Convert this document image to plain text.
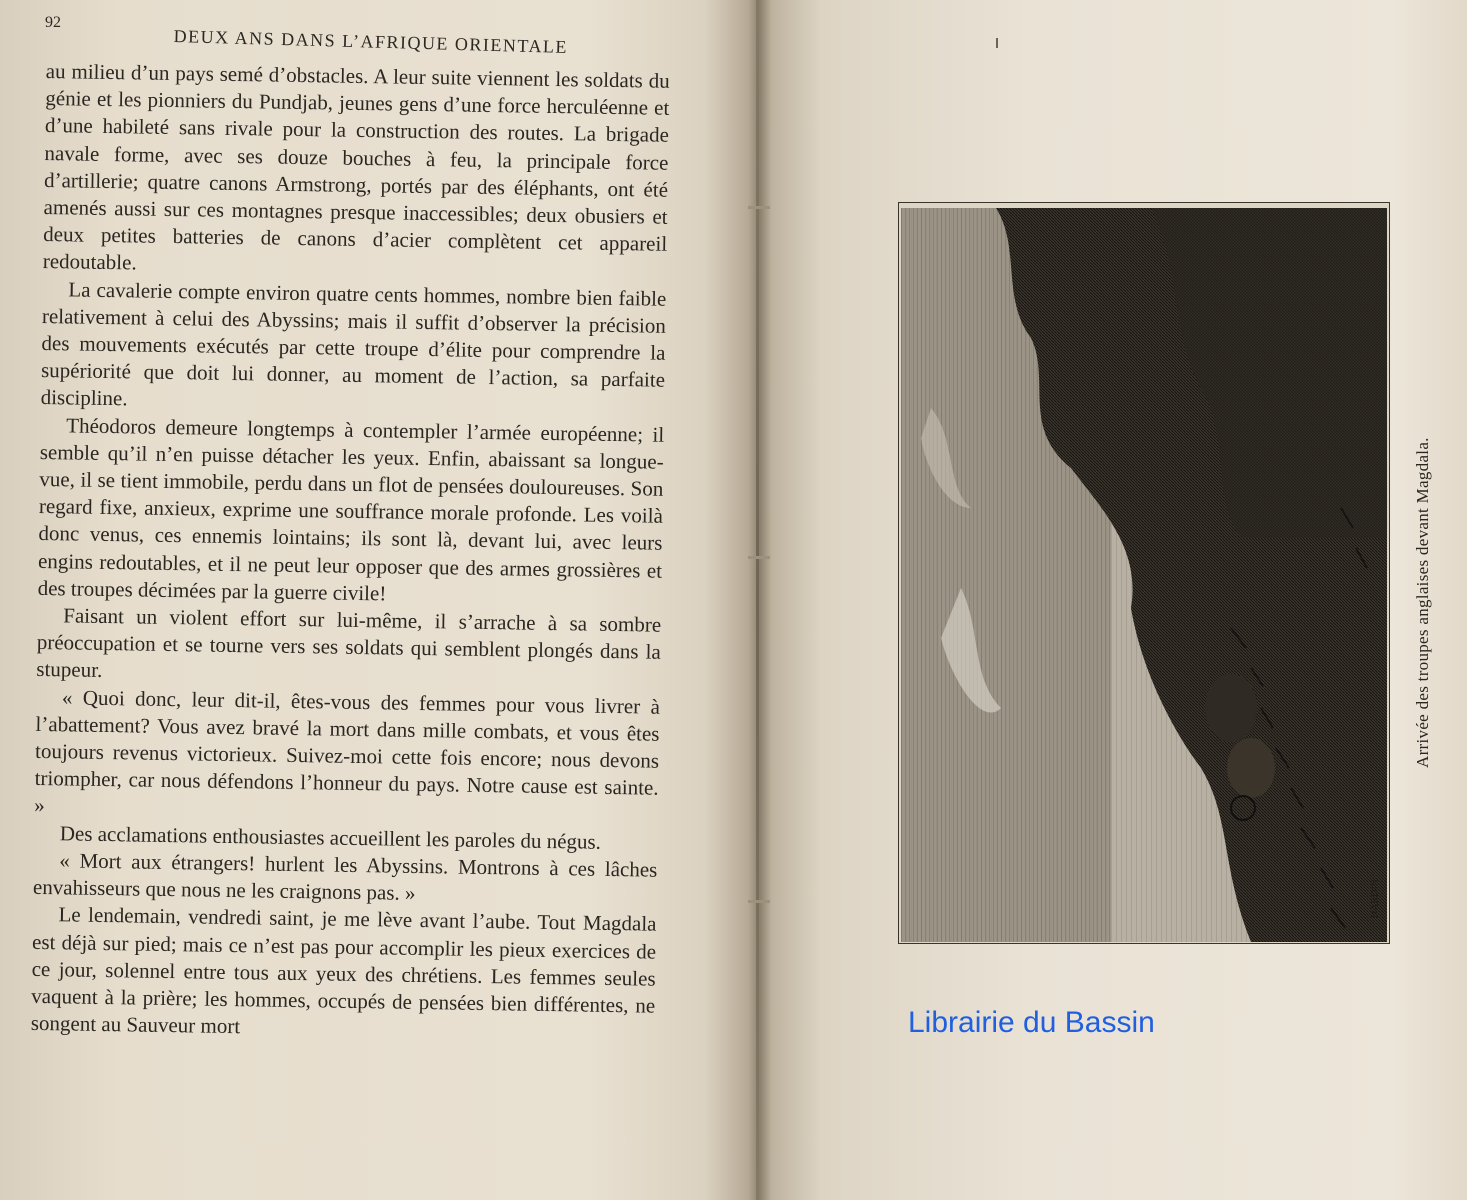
92
DEUX ANS DANS L’AFRIQUE ORIENTALE

au milieu d’un pays semé d’obstacles. A leur suite viennent les soldats du génie et les pionniers du Pundjab, jeunes gens d’une force herculéenne et d’une habileté sans rivale pour la construction des routes. La brigade navale forme, avec ses douze bouches à feu, la principale force d’artillerie; quatre canons Armstrong, portés par des éléphants, ont été amenés aussi sur ces montagnes presque inaccessibles; deux obusiers et deux petites batteries de canons d’acier complètent cet appareil redoutable.

La cavalerie compte environ quatre cents hommes, nombre bien faible relativement à celui des Abyssins; mais il suffit d’observer la précision des mouvements exécutés par cette troupe d’élite pour comprendre la supériorité que doit lui donner, au moment de l’action, sa parfaite discipline.

Théodoros demeure longtemps à contempler l’armée européenne; il semble qu’il n’en puisse détacher les yeux. Enfin, abaissant sa longue-vue, il se tient immobile, perdu dans un flot de pensées douloureuses. Son regard fixe, anxieux, exprime une souffrance morale profonde. Les voilà donc venus, ces ennemis lointains; ils sont là, devant lui, avec leurs engins redoutables, et il ne peut leur opposer que des armes grossières et des troupes décimées par la guerre civile!

Faisant un violent effort sur lui-même, il s’arrache à sa sombre préoccupation et se tourne vers ses soldats qui semblent plongés dans la stupeur.

« Quoi donc, leur dit-il, êtes-vous des femmes pour vous livrer à l’abattement? Vous avez bravé la mort dans mille combats, et vous êtes toujours revenus victorieux. Suivez-moi cette fois encore; nous devons triompher, car nous défendons l’honneur du pays. Notre cause est sainte. »

Des acclamations enthousiastes accueillent les paroles du négus.

« Mort aux étrangers! hurlent les Abyssins. Montrons à ces lâches envahisseurs que nous ne les craignons pas. »

Le lendemain, vendredi saint, je me lève avant l’aube. Tout Magdala est déjà sur pied; mais ce n’est pas pour accomplir les pieux exercices de ce jour, solennel entre tous aux yeux des chrétiens. Les femmes seules vaquent à la prière; les hommes, occupés de pensées bien différentes, ne songent au Sauveur mort

HARDIN
Arrivée des troupes anglaises devant Magdala.
Librairie du Bassin
